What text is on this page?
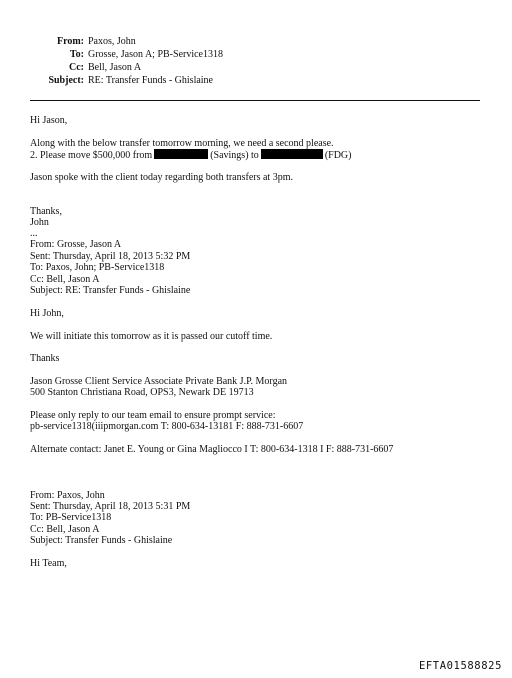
From: Paxos, John
To: Grosse, Jason A; PB-Service1318
Cc: Bell, Jason A
Subject: RE: Transfer Funds - Ghislaine
Hi Jason,
Along with the below transfer tomorrow morning, we need a second please.
2. Please move $500,000 from	(Savings) to	(FDG)
Jason spoke with the client today regarding both transfers at 3pm.
Thanks,
John
...
From: Grosse, Jason A
Sent: Thursday, April 18, 2013 5:32 PM
To: Paxos, John; PB-Service1318
Cc: Bell, Jason A
Subject: RE: Transfer Funds - Ghislaine
Hi John,
We will initiate this tomorrow as it is passed our cutoff time.
Thanks
Jason Grosse Client Service Associate Private Bank J.P. Morgan
500 Stanton Christiana Road, OPS3, Newark DE 19713
Please only reply to our team email to ensure prompt service:
pb-service1318(iiipmorgan.com T: 800-634-13181 F: 888-731-6607
Alternate contact: Janet E. Young or Gina Magliocco I T: 800-634-1318 I F: 888-731-6607
From: Paxos, John
Sent: Thursday, April 18, 2013 5:31 PM
To: PB-Service1318
Cc: Bell, Jason A
Subject: Transfer Funds - Ghislaine
Hi Team,
EFTA01588825
